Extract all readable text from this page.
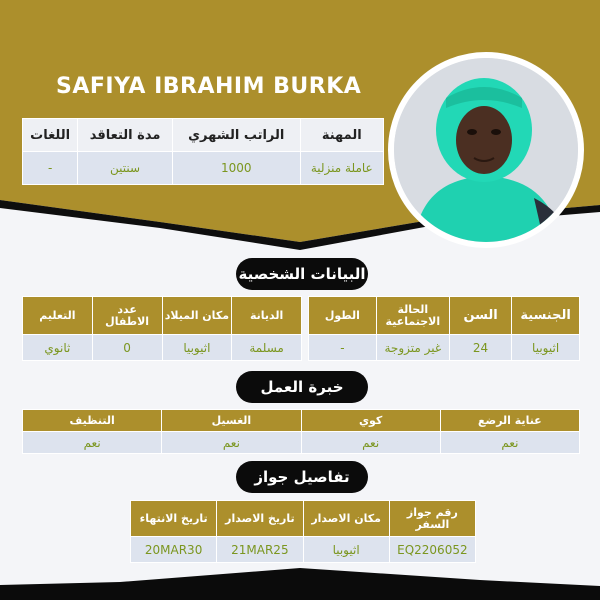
SAFIYA IBRAHIM BURKA
اللغات	مدة التعاقد	الراتب الشهري	المهنة
-	سنتين	1000	عاملة منزلية
البيانات الشخصية
التعليم	عدد الاطفال	مكان الميلاد	الديانة
ثانوي	0	اثيوبيا	مسلمة
الطول	الحالة الاجتماعية	السن	الجنسية
-	غير متزوجة	24	اثيوبيا
خبرة العمل
التنظيف	الغسيل	كوي	عناية الرضع
نعم	نعم	نعم	نعم
تفاصيل جواز
تاريخ الانتهاء	تاريخ الاصدار	مكان الاصدار	رقم جواز السفر
20MAR30	21MAR25	اثيوبيا	EQ2206052
